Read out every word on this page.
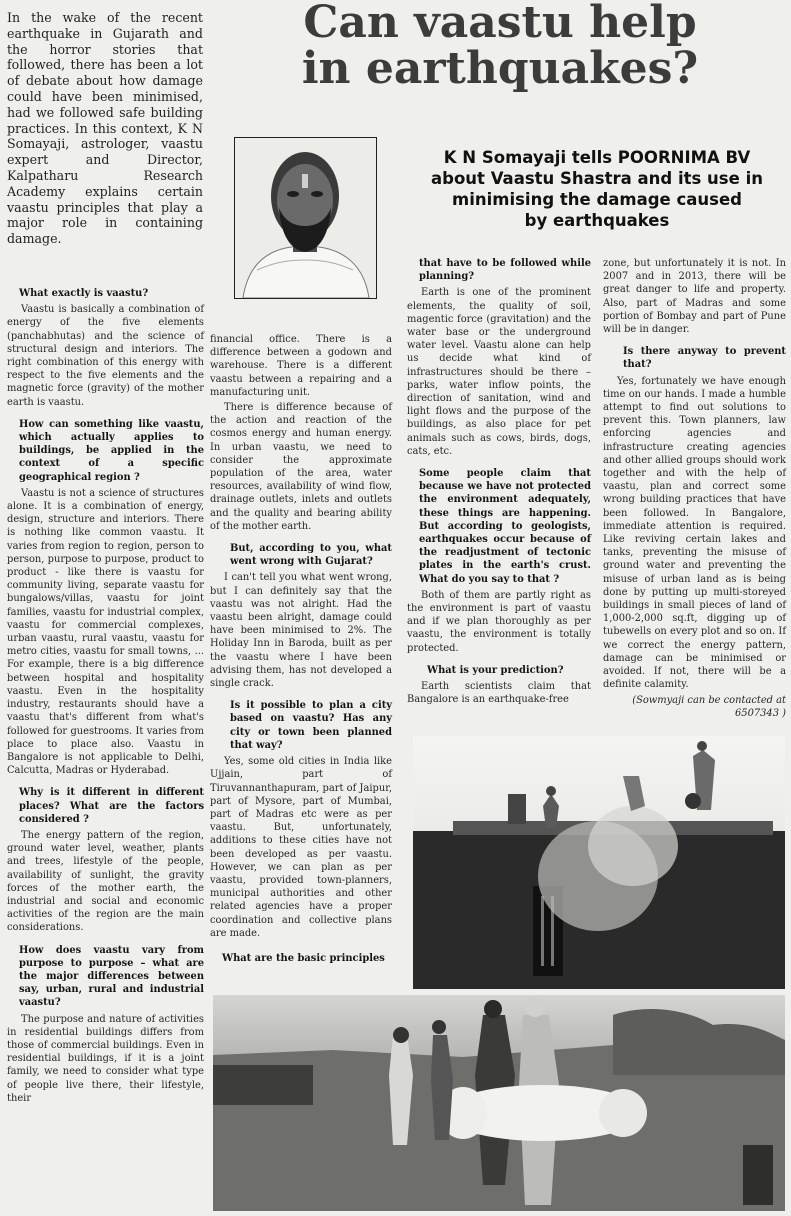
Can vaastu help
in earthquakes?
K N Somayaji tells POORNIMA BV
about Vaastu Shastra and its use in
minimising the damage caused
by earthquakes
In the wake of the recent earthquake in Gujarath and the horror stories that followed, there has been a lot of debate about how damage could have been minimised, had we followed safe building practices. In this context, K N Somayaji, astrologer, vaastu expert and Director, Kalpatharu Research Academy explains certain vaastu principles that play a major role in containing damage.

What exactly is vaastu?

Vaastu is basically a combination of energy of the five elements (panchabhutas) and the science of structural design and interiors. The right combination of this energy with respect to the five elements and the magnetic force (gravity) of the mother earth is vaastu.

How can something like vaastu, which actually applies to buildings, be applied in the context of a specific geographical region ?

Vaastu is not a science of structures alone. It is a combination of energy, design, structure and interiors. There is nothing like common vaastu. It varies from region to region, person to person, purpose to purpose, product to product - like there is vaastu for community living, separate vaastu for bungalows/villas, vaastu for joint families, vaastu for industrial complex, vaastu for commercial complexes, urban vaastu, rural vaastu, vaastu for metro cities, vaastu for small towns, ... For example, there is a big difference between hospital and hospitality vaastu. Even in the hospitality industry, restaurants should have a vaastu that's different from what's followed for guestrooms. It varies from place to place also. Vaastu in Bangalore is not applicable to Delhi, Calcutta, Madras or Hyderabad.

Why is it different in different places? What are the factors considered ?

The energy pattern of the region, ground water level, weather, plants and trees, lifestyle of the people, availability of sunlight, the gravity forces of the mother earth, the industrial and social and economic activities of the region are the main considerations.

How does vaastu vary from purpose to purpose – what are the major differences between say, urban, rural and industrial vaastu?

The purpose and nature of activities in residential buildings differs from those of commercial buildings. Even in residential buildings, if it is a joint family, we need to consider what type of people live there, their lifestyle, their

financial office. There is a difference between a godown and warehouse. There is a different vaastu between a repairing and a manufacturing unit.

There is difference because of the action and reaction of the cosmos energy and human energy. In urban vaastu, we need to consider the approximate population of the area, water resources, availability of wind flow, drainage outlets, inlets and outlets and the quality and bearing ability of the mother earth.

But, according to you, what went wrong with Gujarat?

I can't tell you what went wrong, but I can definitely say that the vaastu was not alright. Had the vaastu been alright, damage could have been minimised to 2%. The Holiday Inn in Baroda, built as per the vaastu where I have been advising them, has not developed a single crack.

Is it possible to plan a city based on vaastu? Has any city or town been planned that way?

Yes, some old cities in India like Ujjain, part of Tiruvannanthapuram, part of Jaipur, part of Mysore, part of Mumbai, part of Madras etc were as per vaastu. But, unfortunately, additions to these cities have not been developed as per vaastu. However, we can plan as per vaastu, provided town-planners, municipal authorities and other related agencies have a proper coordination and collective plans are made.

What are the basic principles

that have to be followed while planning?

Earth is one of the prominent elements, the quality of soil, magentic force (gravitation) and the water base or the underground water level. Vaastu alone can help us decide what kind of infrastructures should be there – parks, water inflow points, the direction of sanitation, wind and light flows and the purpose of the buildings, as also place for pet animals such as cows, birds, dogs, cats, etc.

Some people claim that because we have not protected the environment adequately, these things are happening. But according to geologists, earthquakes occur because of the readjustment of tectonic plates in the earth's crust. What do you say to that ?

Both of them are partly right as the environment is part of vaastu and if we plan thoroughly as per vaastu, the environment is totally protected.

What is your prediction?

Earth scientists claim that Bangalore is an earthquake-free

zone, but unfortunately it is not. In 2007 and in 2013, there will be great danger to life and property. Also, part of Madras and some portion of Bombay and part of Pune will be in danger.

Is there anyway to prevent that?

Yes, fortunately we have enough time on our hands. I made a humble attempt to find out solutions to prevent this. Town planners, law enforcing agencies and infrastructure creating agencies and other allied groups should work together and with the help of vaastu, plan and correct some wrong building practices that have been followed. In Bangalore, immediate attention is required. Like reviving certain lakes and tanks, preventing the misuse of ground water and preventing the misuse of urban land as is being done by putting up multi-storeyed buildings in small pieces of land of 1,000-2,000 sq.ft, digging up of tubewells on every plot and so on. If we correct the energy pattern, damage can be minimised or avoided. If not, there will be a definite calamity.

(Sowmyaji can be contacted at 6507343 )
